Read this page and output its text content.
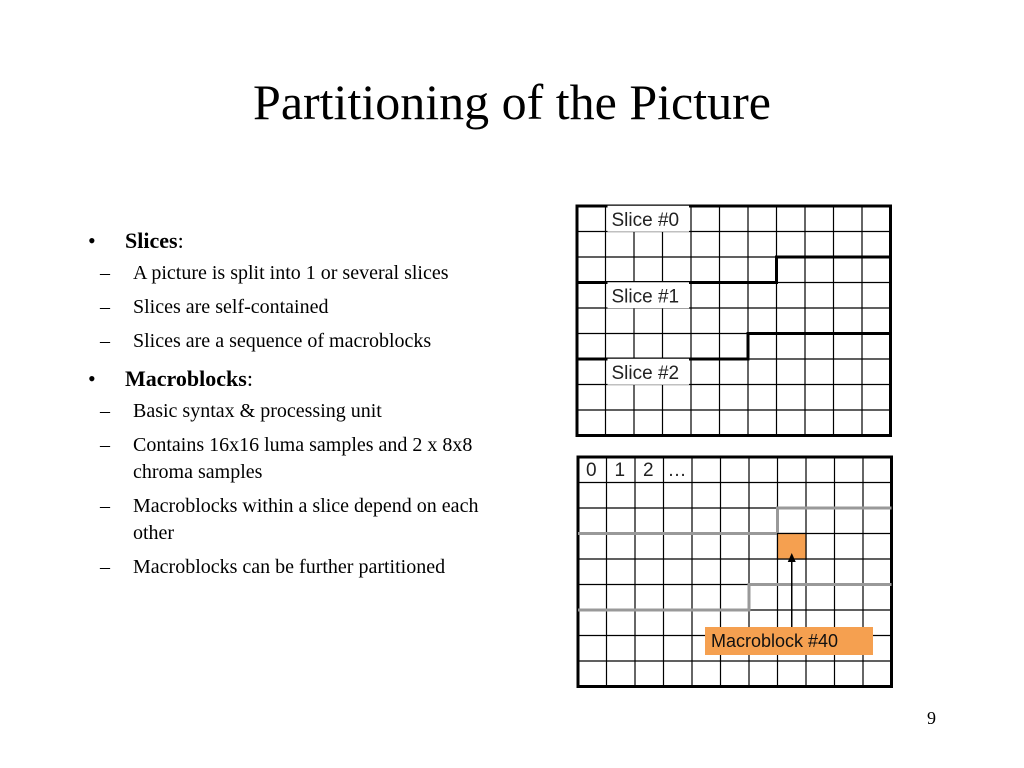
Partitioning of the Picture
• Slices:
– A picture is split into 1 or several slices
– Slices are self-contained
– Slices are a sequence of macroblocks
• Macroblocks:
– Basic syntax & processing unit
– Contains 16x16 luma samples and 2 x 8x8 chroma samples
– Macroblocks within a slice depend on each other
– Macroblocks can be further partitioned
Slice #0
Slice #1
Slice #2
0 1 2 …
Macroblock #40
9
